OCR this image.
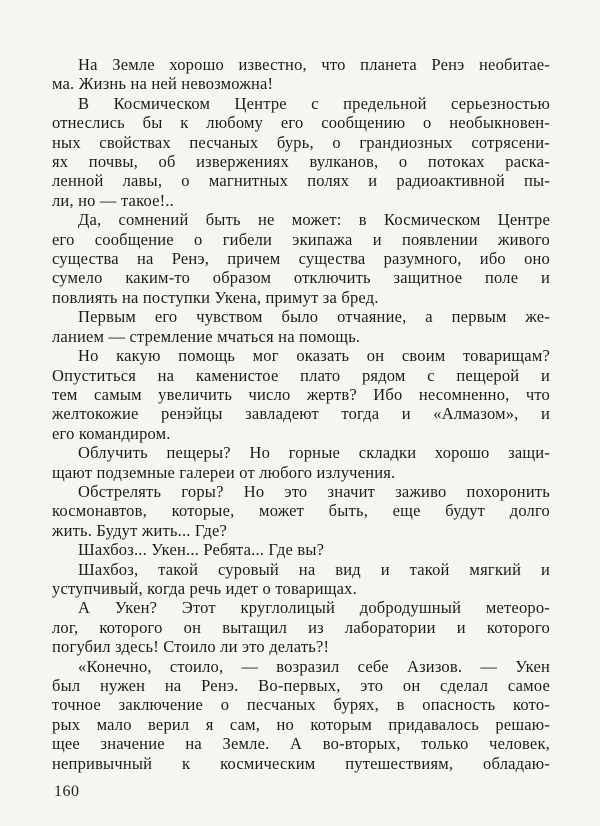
На Земле хорошо известно, что планета Ренэ необитае-
ма. Жизнь на ней невозможна!
В Космическом Центре с предельной серьезностью
отнеслись бы к любому его сообщению о необыкновен-
ных свойствах песчаных бурь, о грандиозных сотрясени-
ях почвы, об извержениях вулканов, о потоках раска-
ленной лавы, о магнитных полях и радиоактивной пы-
ли, но — такое!..
Да, сомнений быть не может: в Космическом Центре
его сообщение о гибели экипажа и появлении живого
существа на Ренэ, причем существа разумного, ибо оно
сумело каким-то образом отключить защитное поле и
повлиять на поступки Укена, примут за бред.
Первым его чувством было отчаяние, а первым же-
ланием — стремление мчаться на помощь.
Но какую помощь мог оказать он своим товарищам?
Опуститься на каменистое плато рядом с пещерой и
тем самым увеличить число жертв? Ибо несомненно, что
желтокожие ренэйцы завладеют тогда и «Алмазом», и
его командиром.
Облучить пещеры? Но горные складки хорошо защи-
щают подземные галереи от любого излучения.
Обстрелять горы? Но это значит заживо похоронить
космонавтов, которые, может быть, еще будут долго
жить. Будут жить... Где?
Шахбоз... Укен... Ребята... Где вы?
Шахбоз, такой суровый на вид и такой мягкий и
уступчивый, когда речь идет о товарищах.
А Укен? Этот круглолицый добродушный метеоро-
лог, которого он вытащил из лаборатории и которого
погубил здесь! Стоило ли это делать?!
«Конечно, стоило, — возразил себе Азизов. — Укен
был нужен на Ренэ. Во-первых, это он сделал самое
точное заключение о песчаных бурях, в опасность кото-
рых мало верил я сам, но которым придавалось решаю-
щее значение на Земле. А во-вторых, только человек,
непривычный к космическим путешествиям, обладаю-
160
